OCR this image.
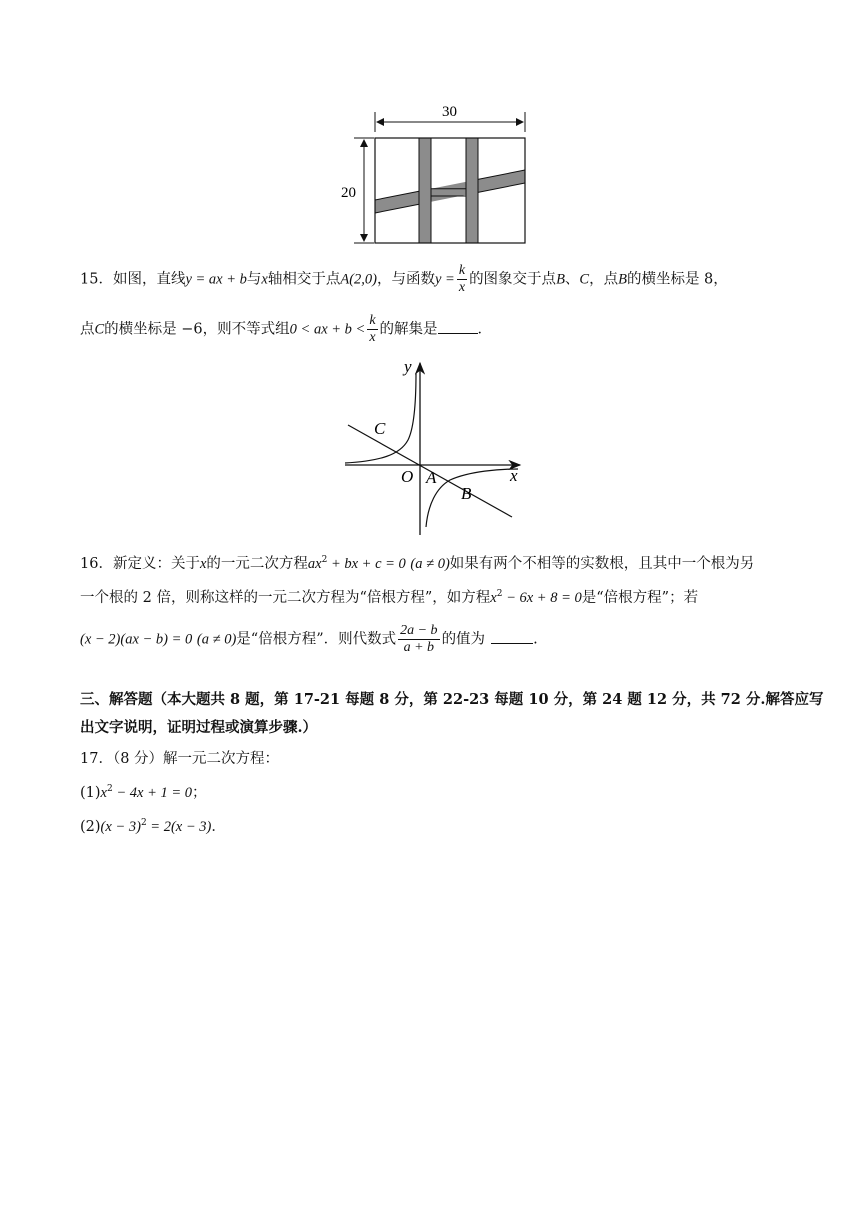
30
20
15．如图，直线y = ax + b与x轴相交于点A(2,0)，与函数$y = \frac{k}{x}$ 的图象交于点B、C，点B的横坐标是 8，
点C的横坐标是 −6，则不等式组0 < ax + $b < \frac{k}{x}$ 的解集是	．
y
x
O A
B
C
16．新定义：关于x的一元二次方程$ax^2$ + bx + c = 0 (a ≠ 0)如果有两个不相等的实数根，且其中一个根为另
一个根的 2 倍，则称这样的一元二次方程为“倍根方程”，如方程$x^2 - 6x + 8 = 0$是“倍根方程”；若
(x − 2)(ax − b) = 0 (a ≠ 0)是“倍根方程”．则代数式 $\frac{2a - b}{a + b}$ 的值为	.
三、解答题（本大题共 8 题，第 17-21 每题 8 分，第 22-23 每题 10 分，第 24 题 12 分，共 72 分.解答应写
出文字说明，证明过程或演算步骤.）
17．（8 分）解一元二次方程：
$(1)x^2 - 4x + 1 = 0$；
$(2)(x - 3)^2 = 2(x - 3)$．
